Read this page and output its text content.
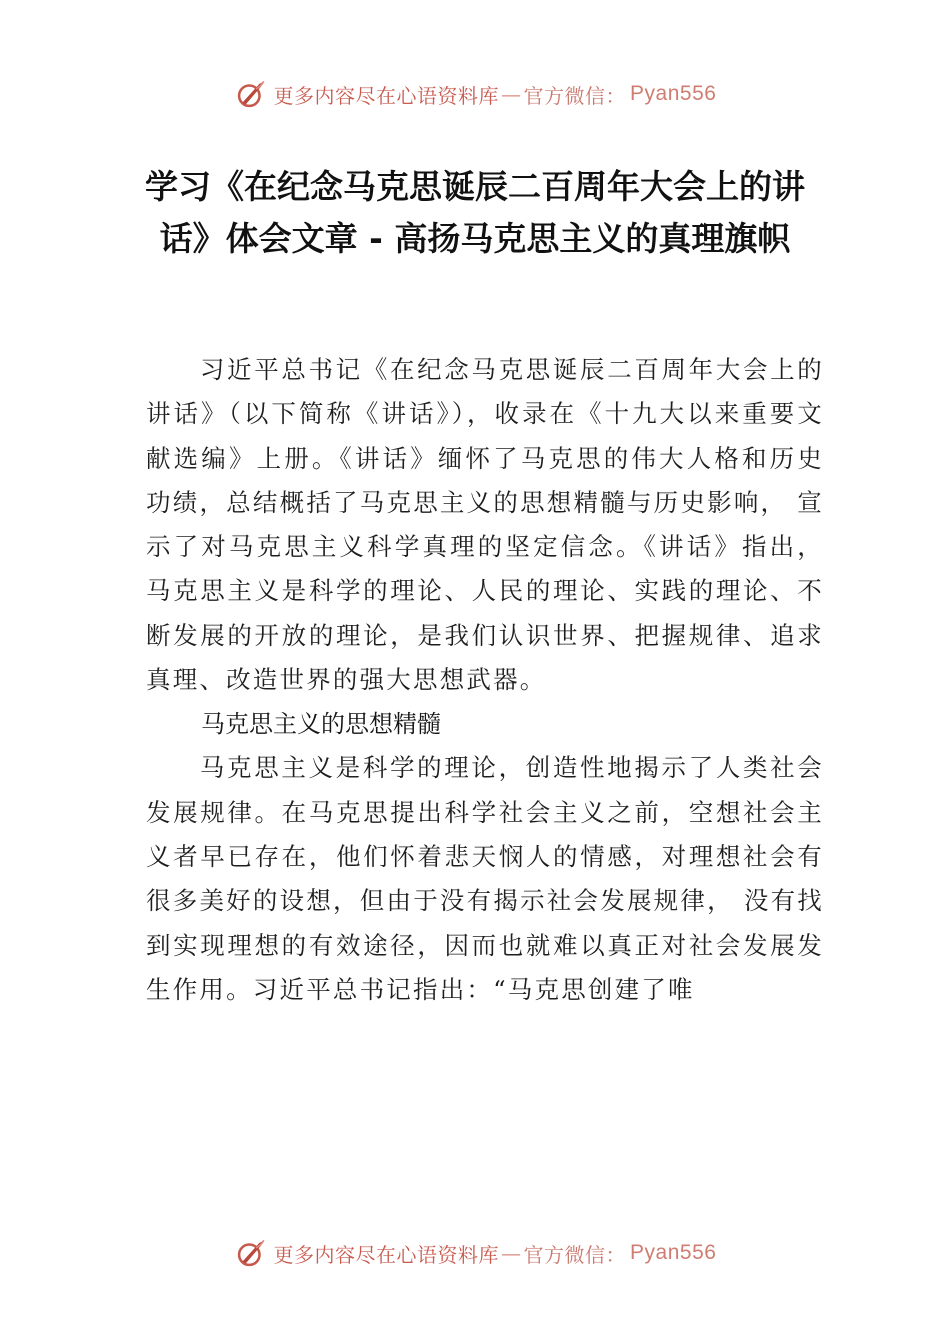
更多内容尽在心语资料库 — 官方微信： Pyan556
学习《在纪念马克思诞辰二百周年大会上的讲话》体会文章 - 高扬马克思主义的真理旗帜

习近平总书记《在纪念马克思诞辰二百周年大会上的讲话》（以下简称《讲话》），收录在《十九大以来重要文献选编》上册。《讲话》缅怀了马克思的伟大人格和历史功绩，总结概括了马克思主义的思想精髓与历史影响， 宣示了对马克思主义科学真理的坚定信念。《讲话》指出，马克思主义是科学的理论、人民的理论、实践的理论、不断发展的开放的理论，是我们认识世界、把握规律、追求真理、改造世界的强大思想武器。

马克思主义的思想精髓

马克思主义是科学的理论，创造性地揭示了人类社会发展规律。在马克思提出科学社会主义之前，空想社会主义者早已存在，他们怀着悲天悯人的情感，对理想社会有很多美好的设想，但由于没有揭示社会发展规律， 没有找到实现理想的有效途径，因而也就难以真正对社会发展发生作用。习近平总书记指出：“马克思创建了唯

更多内容尽在心语资料库 — 官方微信： Pyan556
